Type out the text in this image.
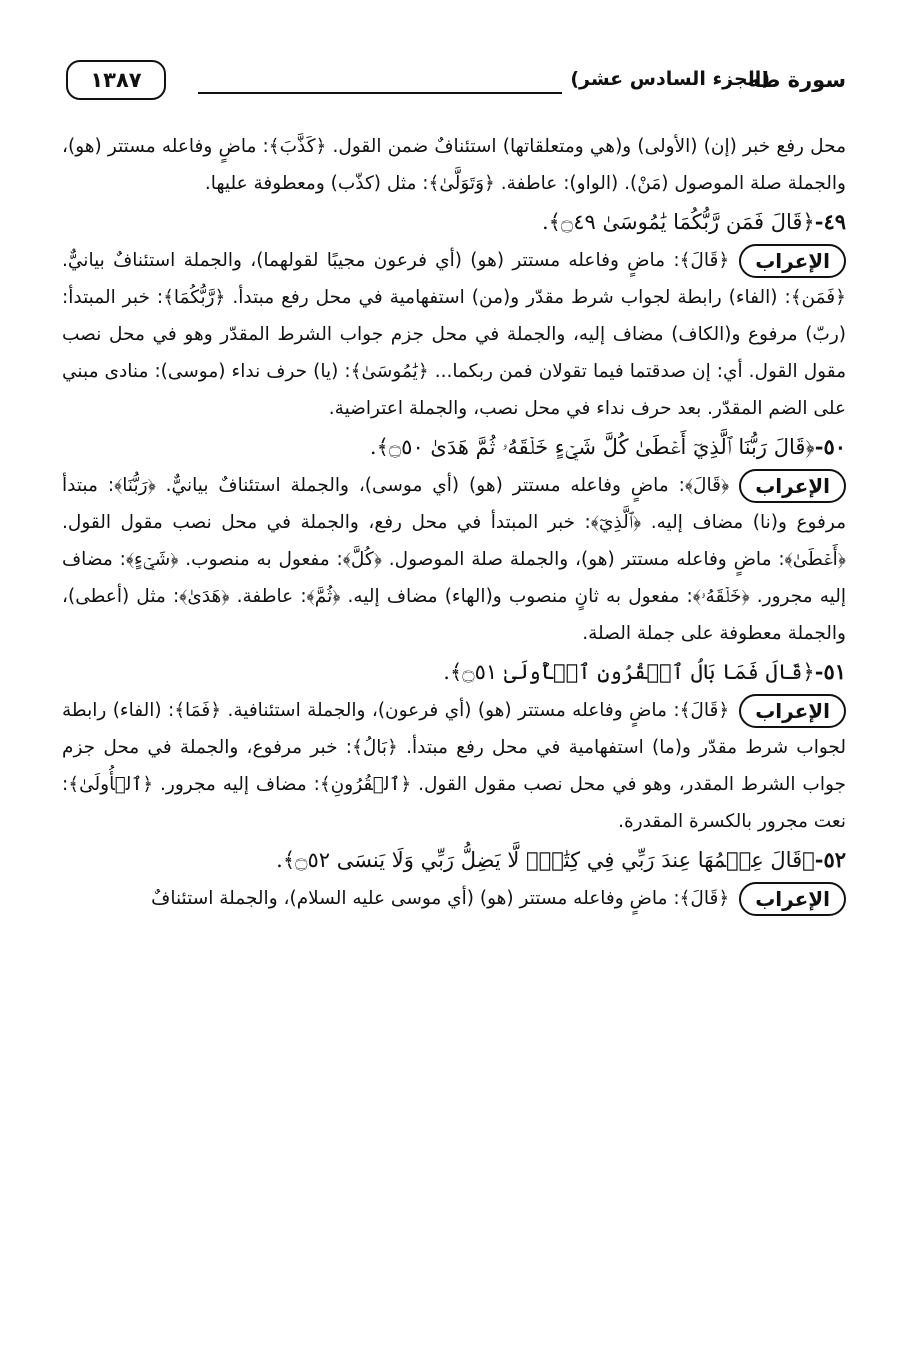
سورة طه
(الجزء السادس عشر)
١٣٨٧

محل رفع خبر (إن) (الأولى) و(هي ومتعلقاتها) استئنافٌ ضمن القول. ﴿كَذَّبَ﴾: ماضٍ وفاعله مستتر (هو)، والجملة صلة الموصول (مَنْ). (الواو): عاطفة. ﴿وَتَوَلَّىٰ﴾: مثل (كذّب) ومعطوفة عليها.

٤٩-﴿قَالَ فَمَن رَّبُّكُمَا يَٰمُوسَىٰ ۝٤٩﴾.

الإعراب﴿قَالَ﴾: ماضٍ وفاعله مستتر (هو) (أي فرعون مجيبًا لقولهما)، والجملة استئنافٌ بيانيٌّ. ﴿فَمَن﴾: (الفاء) رابطة لجواب شرط مقدّر و(من) استفهامية في محل رفع مبتدأ. ﴿رَّبُّكُمَا﴾: خبر المبتدأ: (ربّ) مرفوع و(الكاف) مضاف إليه، والجملة في محل جزم جواب الشرط المقدّر وهو في محل نصب مقول القول. أي: إن صدقتما فيما تقولان فمن ربكما... ﴿يَٰمُوسَىٰ﴾: (يا) حرف نداء (موسى): منادى مبني على الضم المقدّر. بعد حرف نداء في محل نصب، والجملة اعتراضية.

٥٠-﴿قَالَ رَبُّنَا ٱلَّذِيٓ أَعۡطَىٰ كُلَّ شَيۡءٍ خَلۡقَهُۥ ثُمَّ هَدَىٰ ۝٥٠﴾.

الإعراب﴿قَالَ﴾: ماضٍ وفاعله مستتر (هو) (أي موسى)، والجملة استئنافٌ بيانيٌّ. ﴿رَبُّنَا﴾: مبتدأ مرفوع و(نا) مضاف إليه. ﴿ٱلَّذِيٓ﴾: خبر المبتدأ في محل رفع، والجملة في محل نصب مقول القول. ﴿أَعۡطَىٰ﴾: ماضٍ وفاعله مستتر (هو)، والجملة صلة الموصول. ﴿كُلَّ﴾: مفعول به منصوب. ﴿شَيۡءٍ﴾: مضاف إليه مجرور. ﴿خَلۡقَهُۥ﴾: مفعول به ثانٍ منصوب و(الهاء) مضاف إليه. ﴿ثُمَّ﴾: عاطفة. ﴿هَدَىٰ﴾: مثل (أعطى)، والجملة معطوفة على جملة الصلة.

٥١-﴿قَالَ فَمَا بَالُ ٱلۡقُرُونِ ٱلۡأُولَىٰ ۝٥١﴾.

الإعراب﴿قَالَ﴾: ماضٍ وفاعله مستتر (هو) (أي فرعون)، والجملة استئنافية. ﴿فَمَا﴾: (الفاء) رابطة لجواب شرط مقدّر و(ما) استفهامية في محل رفع مبتدأ. ﴿بَالُ﴾: خبر مرفوع، والجملة في محل جزم جواب الشرط المقدر، وهو في محل نصب مقول القول. ﴿ٱلۡقُرُونِ﴾: مضاف إليه مجرور. ﴿ٱلۡأُولَىٰ﴾: نعت مجرور بالكسرة المقدرة.

٥٢-﴿قَالَ عِلۡمُهَا عِندَ رَبِّي فِي كِتَٰبٖۖ لَّا يَضِلُّ رَبِّي وَلَا يَنسَى ۝٥٢﴾.

الإعراب﴿قَالَ﴾: ماضٍ وفاعله مستتر (هو) (أي موسى عليه السلام)، والجملة استئنافٌ
